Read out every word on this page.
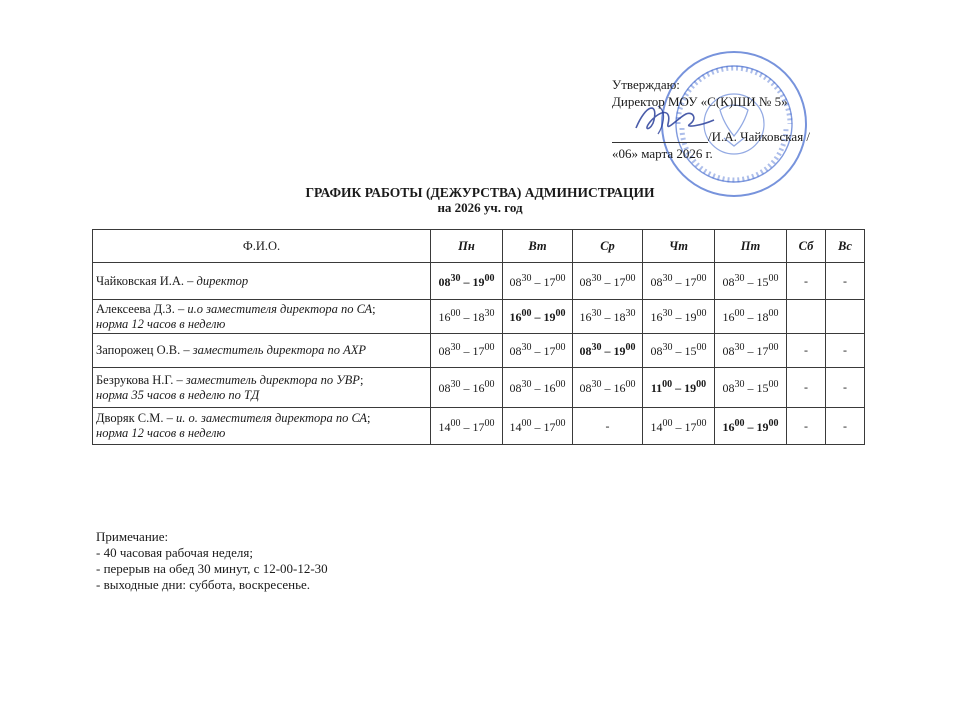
Утверждаю:
Директор МОУ «С(К)ШИ № 5»
/И.А. Чайковская /
«06» марта 2026 г.
ГРАФИК РАБОТЫ (ДЕЖУРСТВА) АДМИНИСТРАЦИИ
на 2026 уч. год
Ф.И.О.	Пн	Вт	Ср	Чт	Пт	Сб	Вс
Чайковская И.А. – директор	$08^{30} - 19^{00}$	$08^{30} - 17^{00}$	$08^{30} - 17^{00}$	$08^{30} - 17^{00}$	$08^{30} - 15^{00}$	-	-
Алексеева Д.З. – и.о заместителя директора по СА;
норма 12 часов в неделю	$16^{00} - 18^{30}$	$16^{00} - 19^{00}$	$16^{30} - 18^{30}$	$16^{30} - 19^{00}$	$16^{00} - 18^{00}$		
Запорожец О.В. – заместитель директора по АХР	$08^{30} - 17^{00}$	$08^{30} - 17^{00}$	$08^{30} - 19^{00}$	$08^{30} - 15^{00}$	$08^{30} - 17^{00}$	-	-
Безрукова Н.Г. – заместитель директора по УВР;
норма 35 часов в неделю по ТД	$08^{30} - 16^{00}$	$08^{30} - 16^{00}$	$08^{30} - 16^{00}$	$11^{00} - 19^{00}$	$08^{30} - 15^{00}$	-	-
Дворяк С.М. – и. о. заместителя директора по СА;
норма 12 часов в неделю	$14^{00} - 17^{00}$	$14^{00} - 17^{00}$	-	$14^{00} - 17^{00}$	$16^{00} - 19^{00}$	-	-
Примечание:
- 40 часовая рабочая неделя;
- перерыв на обед 30 минут, с 12-00-12-30
- выходные дни: суббота, воскресенье.
